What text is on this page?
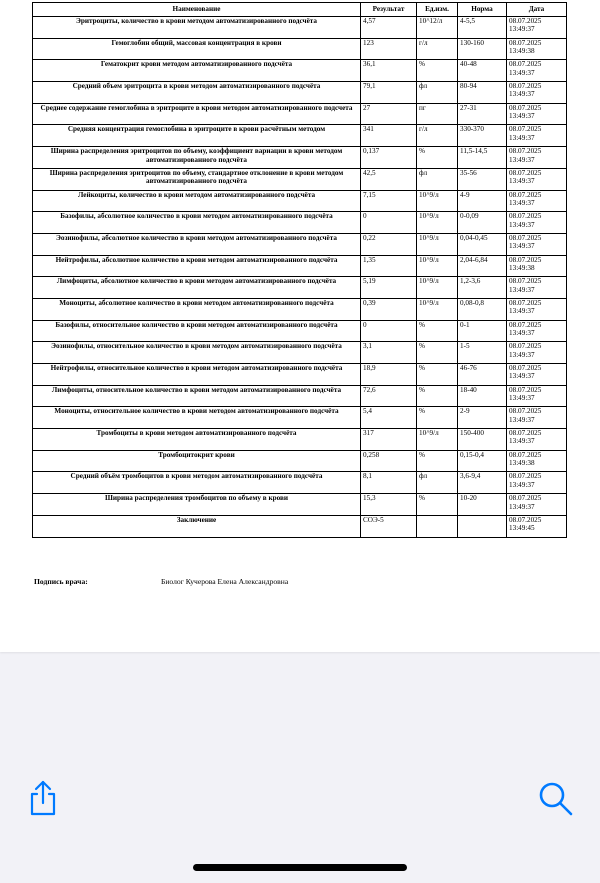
Наименование	Результат	Ед.изм.	Норма	Дата
Эритроциты, количество в крови методом автоматизированного подсчёта	4,57	10^12/л	4-5,5	08.07.2025 13:49:37
Гемоглобин общий, массовая концентрация в крови	123	г/л	130-160	08.07.2025 13:49:38
Гематокрит крови методом автоматизированного подсчёта	36,1	%	40-48	08.07.2025 13:49:37
Средний объем эритроцита в крови методом автоматизированного подсчёта	79,1	фл	80-94	08.07.2025 13:49:37
Среднее содержание гемоглобина в эритроците в крови методом автоматизированного подсчета	27	пг	27-31	08.07.2025 13:49:37
Средняя концентрация гемоглобина в эритроците в крови расчётным методом	341	г/л	330-370	08.07.2025 13:49:37
Ширина распределения эритроцитов по объему, коэффициент вариации в крови методом автоматизированного подсчёта	0,137	%	11,5-14,5	08.07.2025 13:49:37
Ширина распределения эритроцитов по объему, стандартное отклонение в крови методом автоматизированного подсчёта	42,5	фл	35-56	08.07.2025 13:49:37
Лейкоциты, количество в крови методом автоматизированного подсчёта	7,15	10^9/л	4-9	08.07.2025 13:49:37
Базофилы, абсолютное количество в крови методом автоматизированного подсчёта	0	10^9/л	0-0,09	08.07.2025 13:49:37
Эозинофилы, абсолютное количество в крови методом автоматизированного подсчёта	0,22	10^9/л	0,04-0,45	08.07.2025 13:49:37
Нейтрофилы, абсолютное количество в крови методом автоматизированного подсчёта	1,35	10^9/л	2,04-6,84	08.07.2025 13:49:38
Лимфоциты, абсолютное количество в крови методом автоматизированного подсчёта	5,19	10^9/л	1,2-3,6	08.07.2025 13:49:37
Моноциты, абсолютное количество в крови методом автоматизированного подсчёта	0,39	10^9/л	0,08-0,8	08.07.2025 13:49:37
Базофилы, относительное количество в крови методом автоматизированного подсчёта	0	%	0-1	08.07.2025 13:49:37
Эозинофилы, относительное количество в крови методом автоматизированного подсчёта	3,1	%	1-5	08.07.2025 13:49:37
Нейтрофилы, относительное количество в крови методом автоматизированного подсчёта	18,9	%	46-76	08.07.2025 13:49:37
Лимфоциты, относительное количество в крови методом автоматизированного подсчёта	72,6	%	18-40	08.07.2025 13:49:37
Моноциты, относительное количество в крови методом автоматизированного подсчёта	5,4	%	2-9	08.07.2025 13:49:37
Тромбоциты в крови методом автоматизированного подсчёта	317	10^9/л	150-400	08.07.2025 13:49:37
Тромбоцитокрит крови	0,258	%	0,15-0,4	08.07.2025 13:49:38
Средний объём тромбоцитов в крови методом автоматизированного подсчёта	8,1	фл	3,6-9,4	08.07.2025 13:49:37
Ширина распределения тромбоцитов по объему в крови	15,3	%	10-20	08.07.2025 13:49:37
Заключение	СОЭ-5			08.07.2025 13:49:45
Подпись врача:	Биолог Кучерова Елена Александровна
